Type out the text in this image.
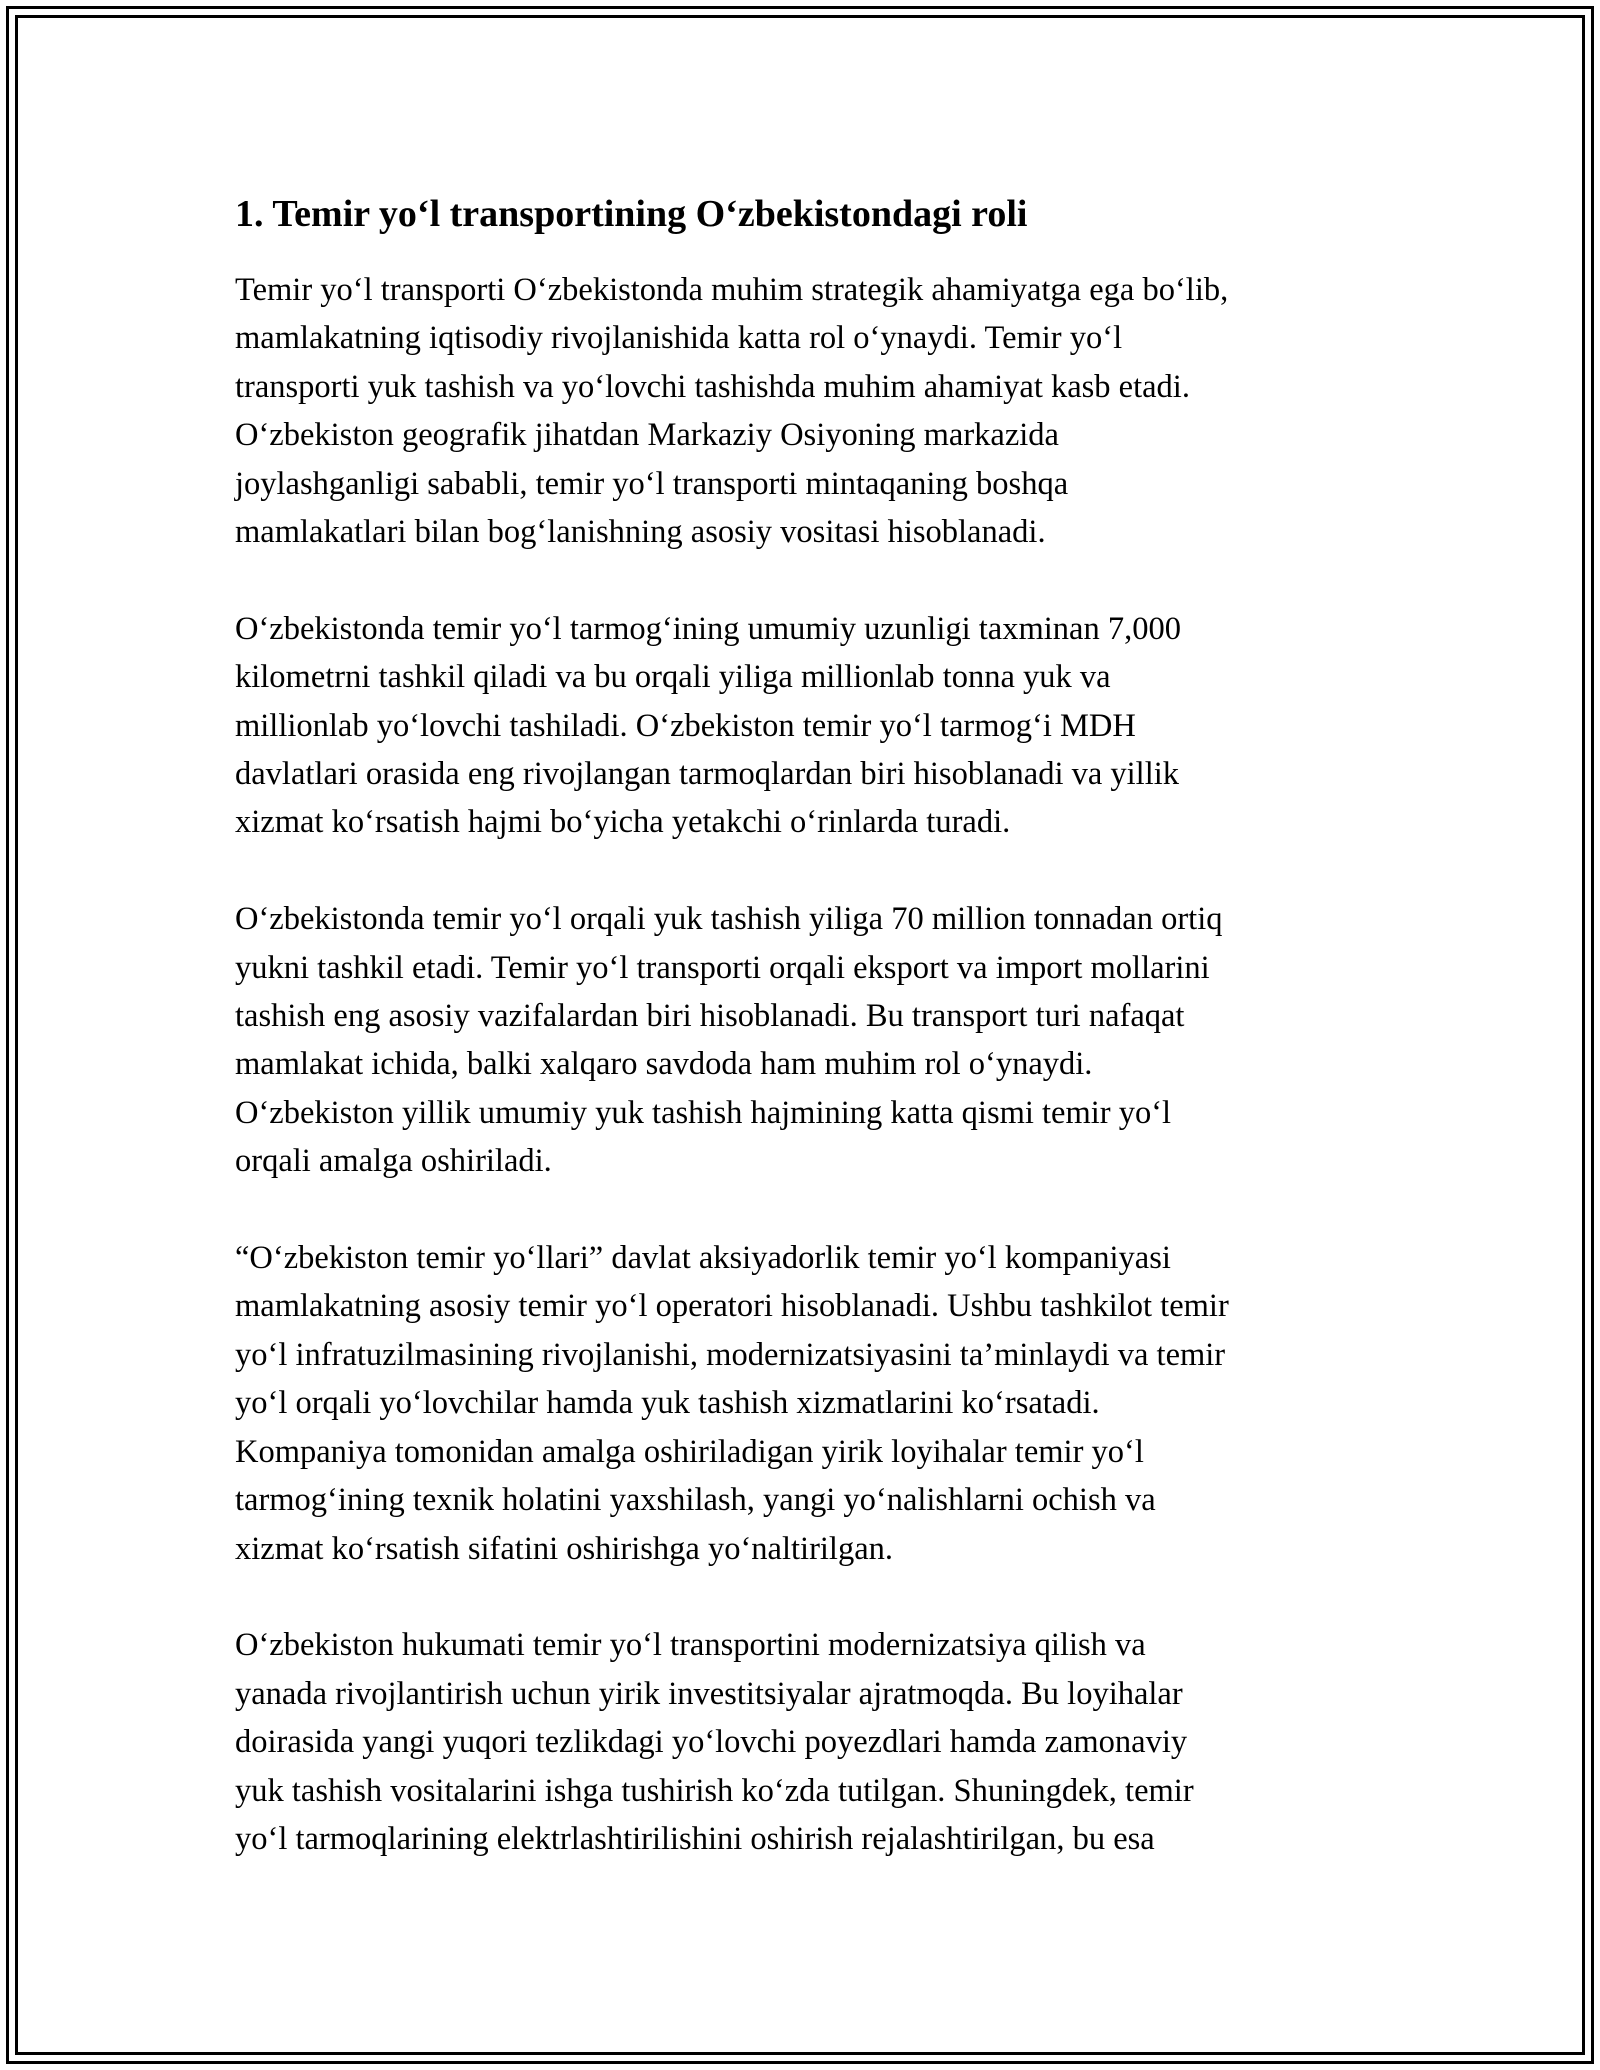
1. Temir yo‘l transportining O‘zbekistondagi roli
Temir yo‘l transporti O‘zbekistonda muhim strategik ahamiyatga ega bo‘lib,
mamlakatning iqtisodiy rivojlanishida katta rol o‘ynaydi. Temir yo‘l
transporti yuk tashish va yo‘lovchi tashishda muhim ahamiyat kasb etadi.
O‘zbekiston geografik jihatdan Markaziy Osiyoning markazida
joylashganligi sababli, temir yo‘l transporti mintaqaning boshqa
mamlakatlari bilan bog‘lanishning asosiy vositasi hisoblanadi.
O‘zbekistonda temir yo‘l tarmog‘ining umumiy uzunligi taxminan 7,000
kilometrni tashkil qiladi va bu orqali yiliga millionlab tonna yuk va
millionlab yo‘lovchi tashiladi. O‘zbekiston temir yo‘l tarmog‘i MDH
davlatlari orasida eng rivojlangan tarmoqlardan biri hisoblanadi va yillik
xizmat ko‘rsatish hajmi bo‘yicha yetakchi o‘rinlarda turadi.
O‘zbekistonda temir yo‘l orqali yuk tashish yiliga 70 million tonnadan ortiq
yukni tashkil etadi. Temir yo‘l transporti orqali eksport va import mollarini
tashish eng asosiy vazifalardan biri hisoblanadi. Bu transport turi nafaqat
mamlakat ichida, balki xalqaro savdoda ham muhim rol o‘ynaydi.
O‘zbekiston yillik umumiy yuk tashish hajmining katta qismi temir yo‘l
orqali amalga oshiriladi.
“O‘zbekiston temir yo‘llari” davlat aksiyadorlik temir yo‘l kompaniyasi
mamlakatning asosiy temir yo‘l operatori hisoblanadi. Ushbu tashkilot temir
yo‘l infratuzilmasining rivojlanishi, modernizatsiyasini ta’minlaydi va temir
yo‘l orqali yo‘lovchilar hamda yuk tashish xizmatlarini ko‘rsatadi.
Kompaniya tomonidan amalga oshiriladigan yirik loyihalar temir yo‘l
tarmog‘ining texnik holatini yaxshilash, yangi yo‘nalishlarni ochish va
xizmat ko‘rsatish sifatini oshirishga yo‘naltirilgan.
O‘zbekiston hukumati temir yo‘l transportini modernizatsiya qilish va
yanada rivojlantirish uchun yirik investitsiyalar ajratmoqda. Bu loyihalar
doirasida yangi yuqori tezlikdagi yo‘lovchi poyezdlari hamda zamonaviy
yuk tashish vositalarini ishga tushirish ko‘zda tutilgan. Shuningdek, temir
yo‘l tarmoqlarining elektrlashtirilishini oshirish rejalashtirilgan, bu esa
